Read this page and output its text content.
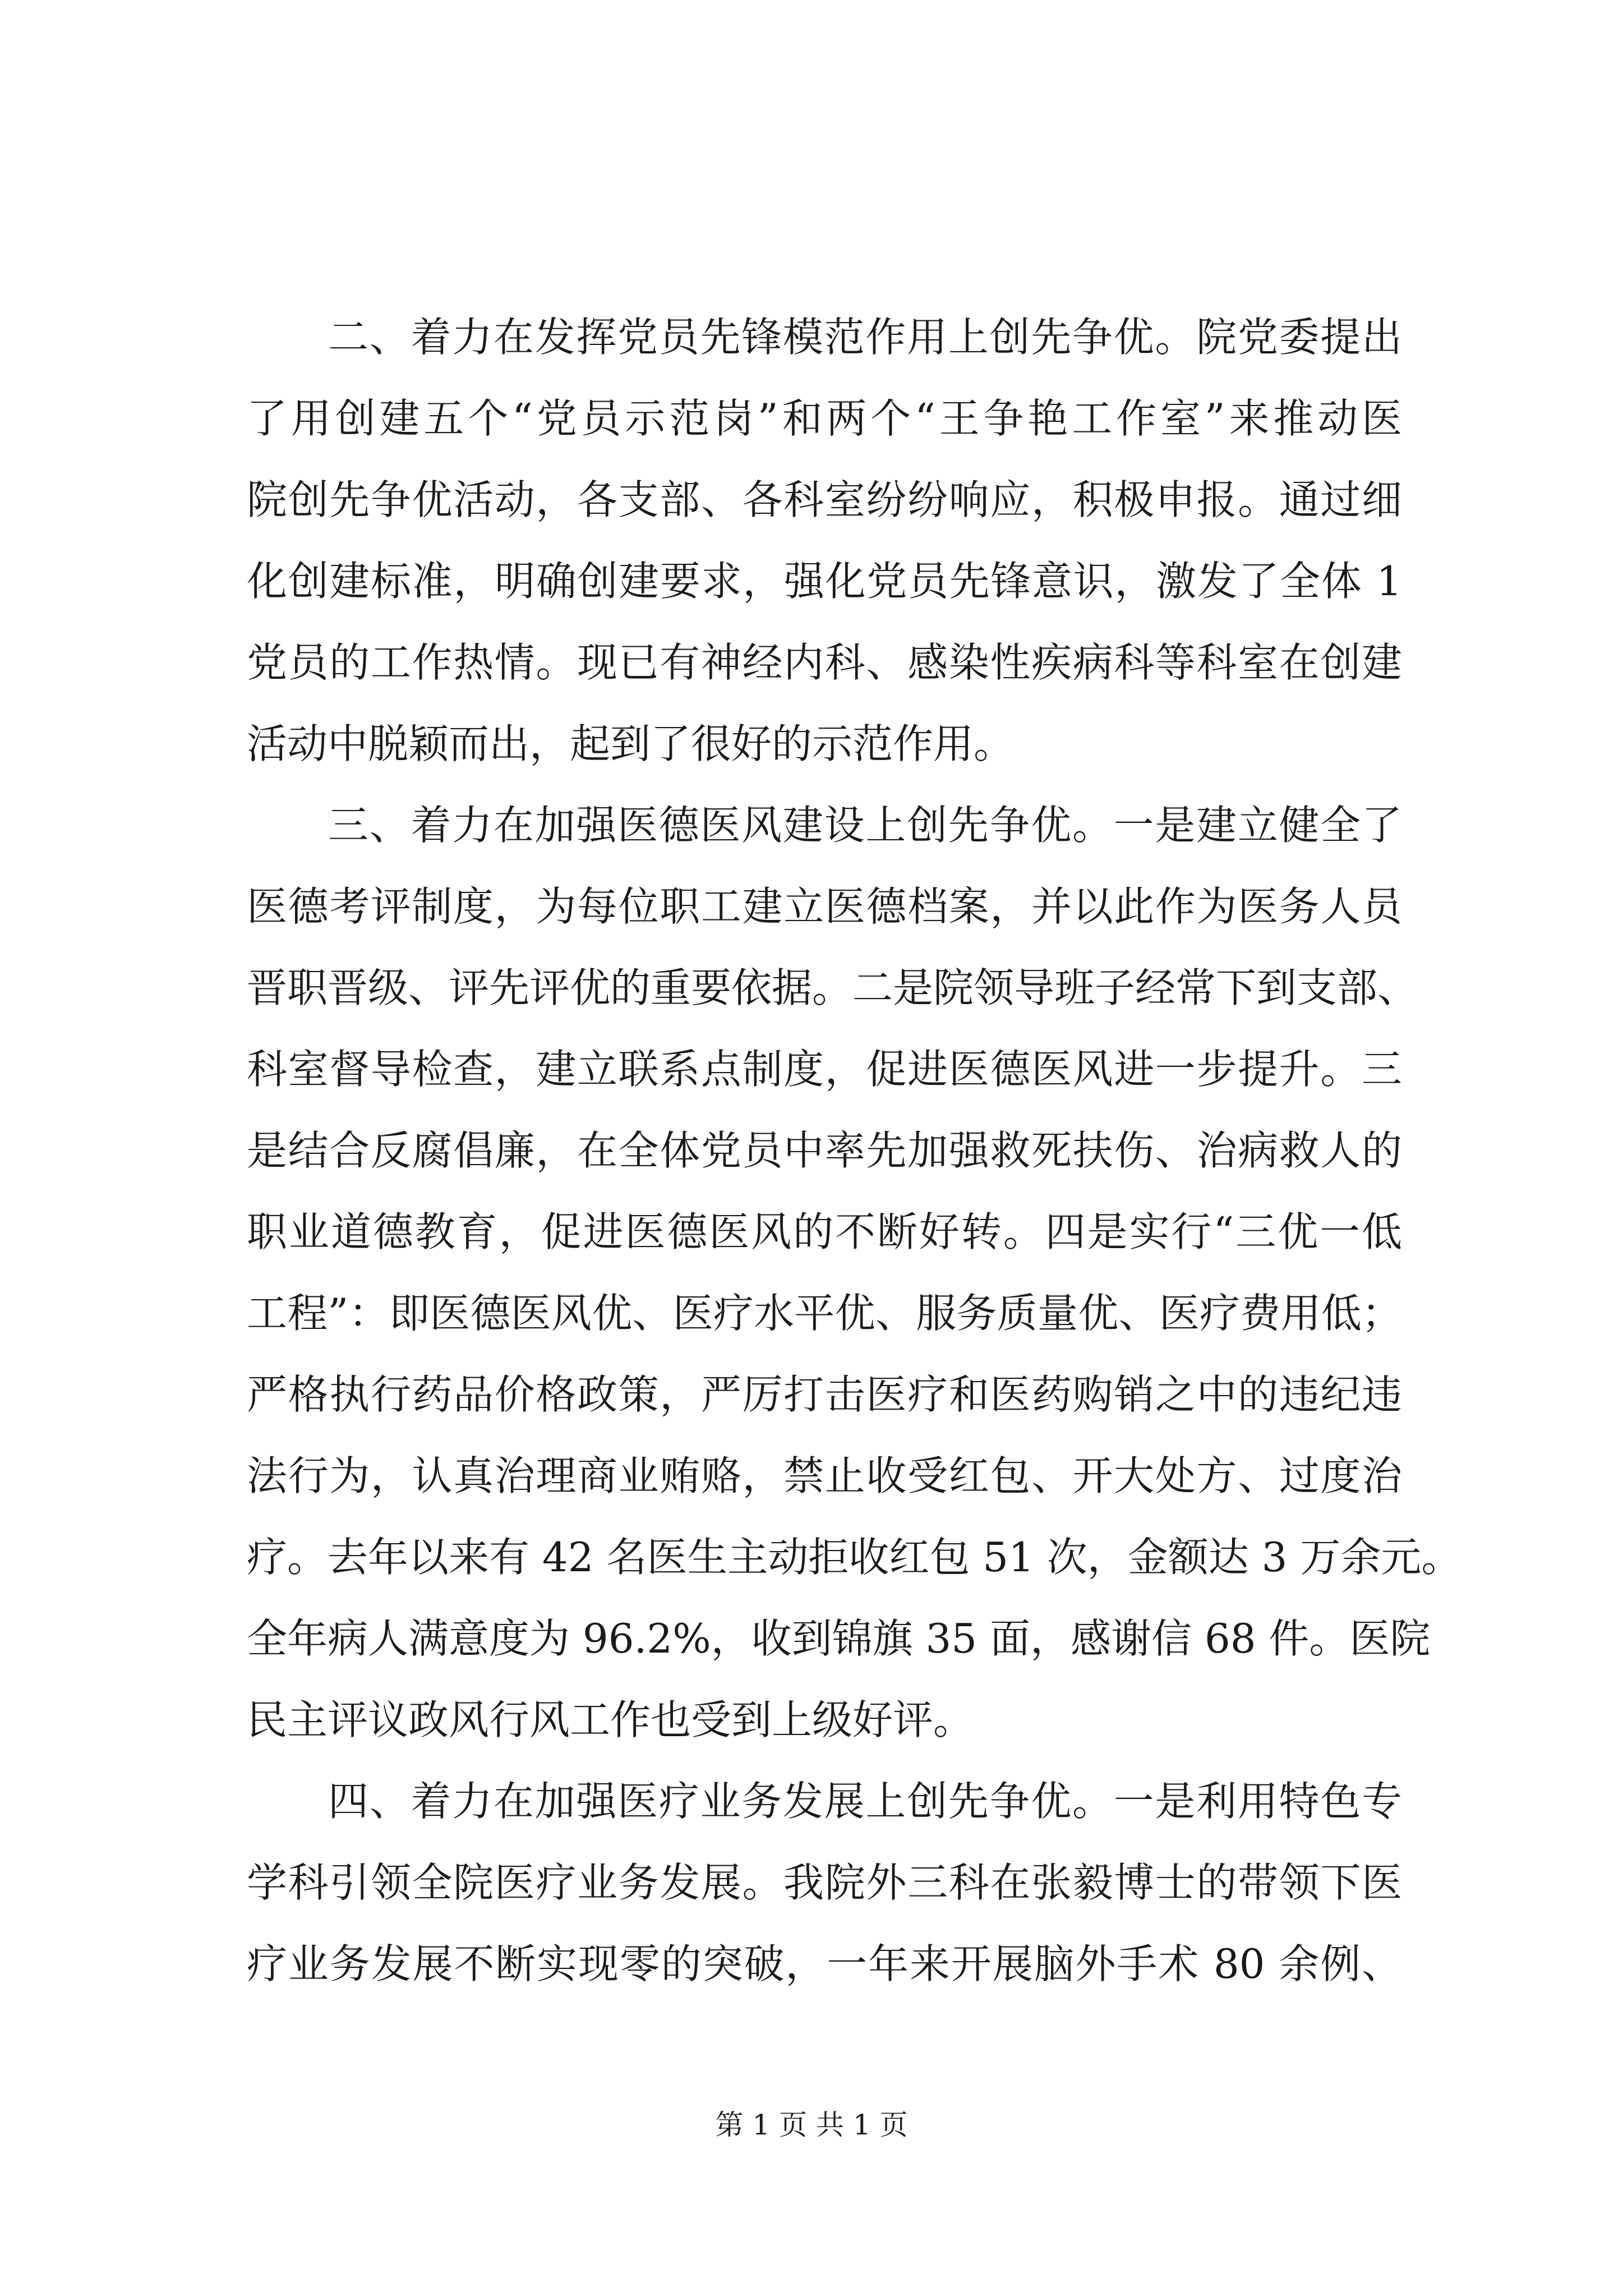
二、着力在发挥党员先锋模范作用上创先争优。院党委提出
了用创建五个“党员示范岗”和两个“王争艳工作室”来推动医
院创先争优活动，各支部、各科室纷纷响应，积极申报。通过细
化创建标准，明确创建要求，强化党员先锋意识，激发了全体 1
党员的工作热情。现已有神经内科、感染性疾病科等科室在创建
活动中脱颖而出，起到了很好的示范作用。
三、着力在加强医德医风建设上创先争优。一是建立健全了
医德考评制度，为每位职工建立医德档案，并以此作为医务人员
晋职晋级、评先评优的重要依据。二是院领导班子经常下到支部、
科室督导检查，建立联系点制度，促进医德医风进一步提升。三
是结合反腐倡廉，在全体党员中率先加强救死扶伤、治病救人的
职业道德教育，促进医德医风的不断好转。四是实行“三优一低
工程”：即医德医风优、医疗水平优、服务质量优、医疗费用低；
严格执行药品价格政策，严厉打击医疗和医药购销之中的违纪违
法行为，认真治理商业贿赂，禁止收受红包、开大处方、过度治
疗。去年以来有 42 名医生主动拒收红包 51 次，金额达 3 万余元。
全年病人满意度为 96.2%，收到锦旗 35 面，感谢信 68 件。医院
民主评议政风行风工作也受到上级好评。
四、着力在加强医疗业务发展上创先争优。一是利用特色专
学科引领全院医疗业务发展。我院外三科在张毅博士的带领下医
疗业务发展不断实现零的突破，一年来开展脑外手术 80 余例、
第 1 页 共 1 页
